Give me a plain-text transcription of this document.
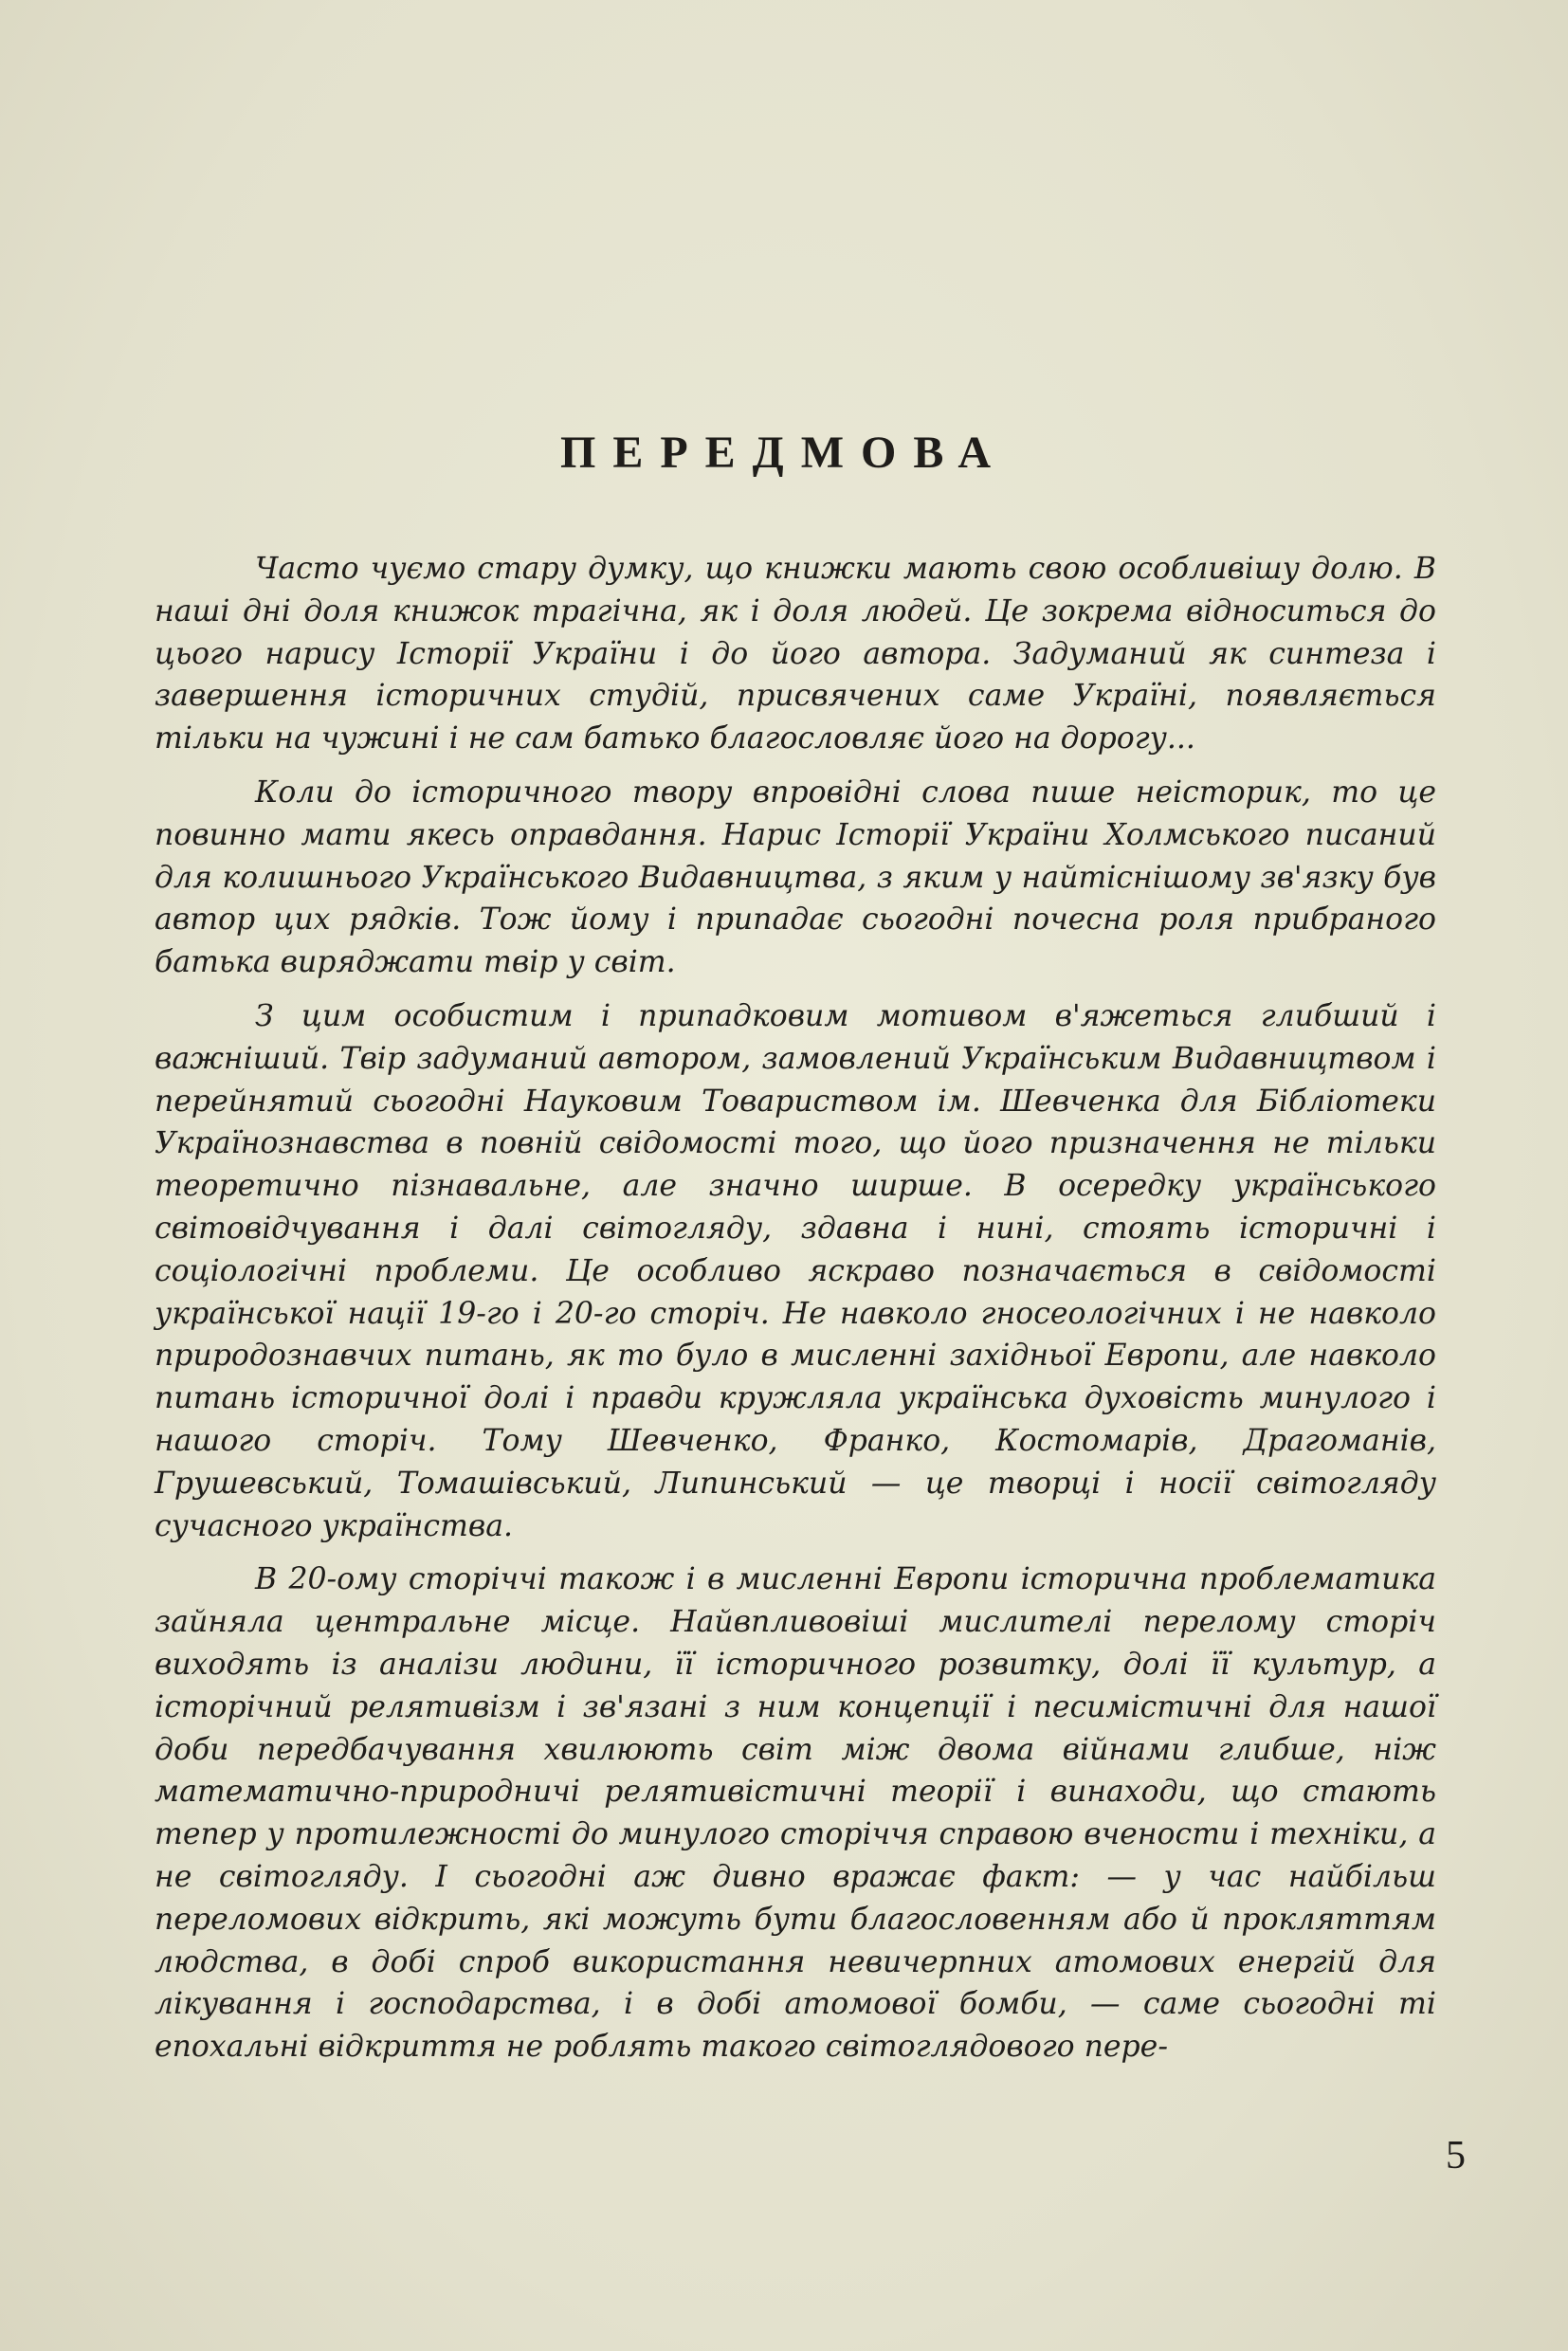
ПЕРЕДМОВА

Часто чуємо стару думку, що книжки мають свою особливішу долю. В наші дні доля книжок трагічна, як і доля людей. Це зокрема відноситься до цього нарису Історії України і до його автора. Задуманий як синтеза і завершення історичних студій, присвячених саме Україні, появляється тільки на чужині і не сам батько благословляє його на дорогу...

Коли до історичного твору впровідні слова пише неісторик, то це повинно мати якесь оправдання. Нарис Історії України Холмського писаний для колишнього Українського Видавництва, з яким у найтіснішому зв'язку був автор цих рядків. Тож йому і припадає сьогодні почесна роля прибраного батька виряджати твір у світ.

З цим особистим і припадковим мотивом в'яжеться глибший і важніший. Твір задуманий автором, замовлений Українським Видавництвом і перейнятий сьогодні Науковим Товариством ім. Шевченка для Бібліотеки Українознавства в повній свідомості того, що його призначення не тільки теоретично пізнавальне, але значно ширше. В осередку українського світовідчування і далі світогляду, здавна і нині, стоять історичні і соціологічні проблеми. Це особливо яскраво позначається в свідомості української нації 19-го і 20-го сторіч. Не навколо гносеологічних і не навколо природознавчих питань, як то було в мисленні західньої Европи, але навколо питань історичної долі і правди кружляла українська духовість минулого і нашого сторіч. Тому Шевченко, Франко, Костомарів, Драгоманів, Грушевський, Томашівський, Липинський — це творці і носії світогляду сучасного українства.

В 20-ому сторіччі також і в мисленні Европи історична проблематика зайняла центральне місце. Найвпливовіші мислителі перелому сторіч виходять із аналізи людини, її історичного розвитку, долі її культур, а історічний релятивізм і зв'язані з ним концепції і песимістичні для нашої доби передбачування хвилюють світ між двома війнами глибше, ніж математично-природничі релятивістичні теорії і винаходи, що стають тепер у протилежності до минулого сторіччя справою вчености і техніки, а не світогляду. І сьогодні аж дивно вражає факт: — у час найбільш переломових відкрить, які можуть бути благословенням або й прокляттям людства, в добі спроб використання невичерпних атомових енергій для лікування і господарства, і в добі атомової бомби, — саме сьогодні ті епохальні відкриття не роблять такого світоглядового пере-

5
